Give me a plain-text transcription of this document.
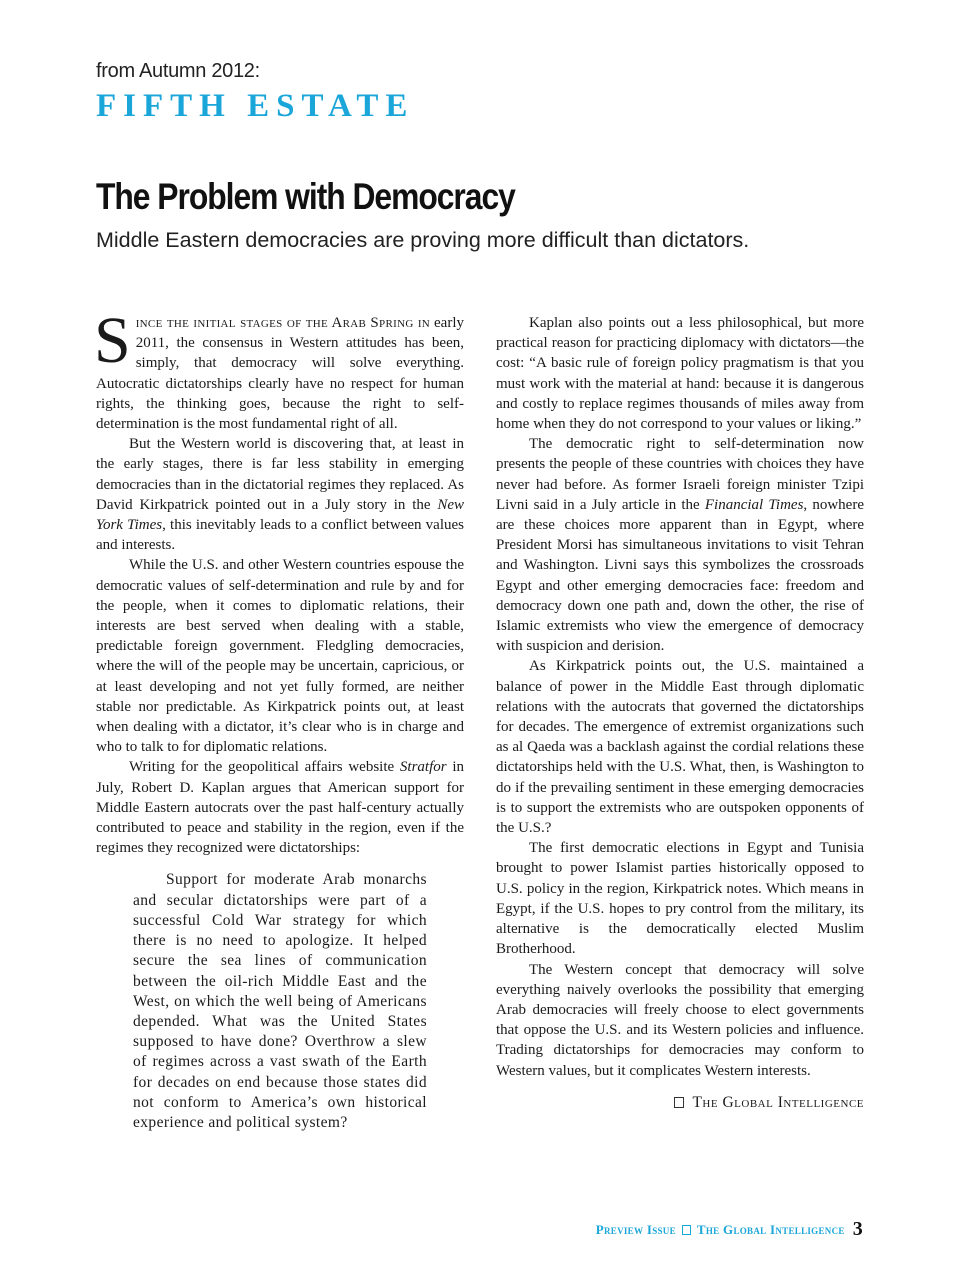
from Autumn 2012:
FIFTH ESTATE
The Problem with Democracy
Middle Eastern democracies are proving more difficult than dictators.

Since the initial stages of the Arab Spring in early 2011, the consensus in Western attitudes has been, simply, that democracy will solve everything. Autocratic dictatorships clearly have no respect for human rights, the thinking goes, because the right to self-determination is the most fundamental right of all.

But the Western world is discovering that, at least in the early stages, there is far less stability in emerging democracies than in the dictatorial regimes they replaced. As David Kirkpatrick pointed out in a July story in the New York Times, this inevitably leads to a conflict between values and interests.

While the U.S. and other Western countries espouse the democratic values of self-determination and rule by and for the people, when it comes to diplomatic relations, their interests are best served when dealing with a stable, predictable foreign government. Fledgling democracies, where the will of the people may be uncertain, capricious, or at least developing and not yet fully formed, are neither stable nor predictable. As Kirkpatrick points out, at least when dealing with a dictator, it’s clear who is in charge and who to talk to for diplomatic relations.

Writing for the geopolitical affairs website Stratfor in July, Robert D. Kaplan argues that American support for Middle Eastern autocrats over the past half-century actually contributed to peace and stability in the region, even if the regimes they recognized were dictatorships:

Support for moderate Arab monarchs and secular dictatorships were part of a successful Cold War strategy for which there is no need to apologize. It helped secure the sea lines of communication between the oil-rich Middle East and the West, on which the well being of Americans depended. What was the United States supposed to have done? Overthrow a slew of regimes across a vast swath of the Earth for decades on end because those states did not conform to America’s own historical experience and political system?

Kaplan also points out a less philosophical, but more practical reason for practicing diplomacy with dictators—the cost: “A basic rule of foreign policy pragmatism is that you must work with the material at hand: because it is dangerous and costly to replace regimes thousands of miles away from home when they do not correspond to your values or liking.”

The democratic right to self-determination now presents the people of these countries with choices they have never had before. As former Israeli foreign minister Tzipi Livni said in a July article in the Financial Times, nowhere are these choices more apparent than in Egypt, where President Morsi has simultaneous invitations to visit Tehran and Washington. Livni says this symbolizes the crossroads Egypt and other emerging democracies face: freedom and democracy down one path and, down the other, the rise of Islamic extremists who view the emergence of democracy with suspicion and derision.

As Kirkpatrick points out, the U.S. maintained a balance of power in the Middle East through diplomatic relations with the autocrats that governed the dictatorships for decades. The emergence of extremist organizations such as al Qaeda was a backlash against the cordial relations these dictatorships held with the U.S. What, then, is Washington to do if the prevailing sentiment in these emerging democracies is to support the extremists who are outspoken opponents of the U.S.?

The first democratic elections in Egypt and Tunisia brought to power Islamist parties historically opposed to U.S. policy in the region, Kirkpatrick notes. Which means in Egypt, if the U.S. hopes to pry control from the military, its alternative is the democratically elected Muslim Brotherhood.

The Western concept that democracy will solve everything naively overlooks the possibility that emerging Arab democracies will freely choose to elect governments that oppose the U.S. and its Western policies and influence. Trading dictatorships for democracies may conform to Western values, but it complicates Western interests.

The Global Intelligence
Preview Issue The Global Intelligence 3
